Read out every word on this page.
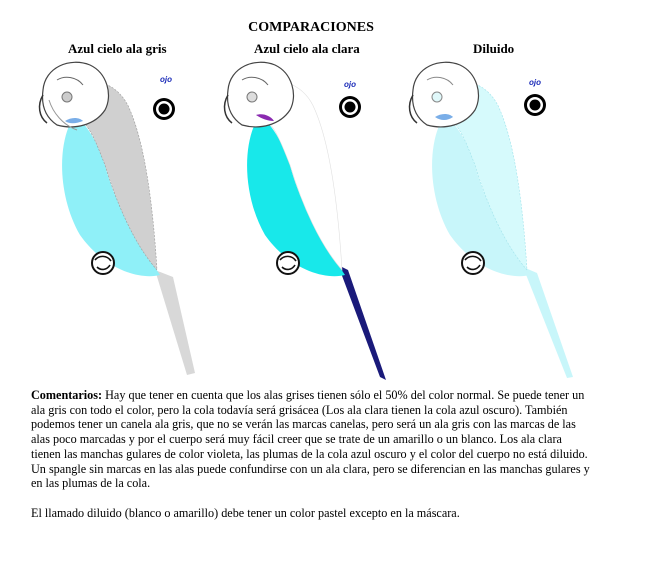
COMPARACIONES
Azul cielo ala gris	Azul cielo ala clara	Diluido
ojo
ojo	ojo

Comentarios: Hay que tener en cuenta que los alas grises tienen sólo el 50% del color normal. Se puede tener un ala gris con todo el color, pero la cola todavía será grisácea (Los ala clara tienen la cola azul oscuro). También podemos tener un canela ala gris, que no se verán las marcas canelas, pero será un ala gris con las marcas de las alas poco marcadas y por el cuerpo será muy fácil creer que se trate de un amarillo o un blanco. Los ala clara tienen las manchas gulares de color violeta, las plumas de la cola azul oscuro y el color del cuerpo no está diluido. Un spangle sin marcas en las alas puede confundirse con un ala clara, pero se diferencian en las manchas gulares y en las plumas de la cola.

El llamado diluido (blanco o amarillo) debe tener un color pastel excepto en la máscara.
